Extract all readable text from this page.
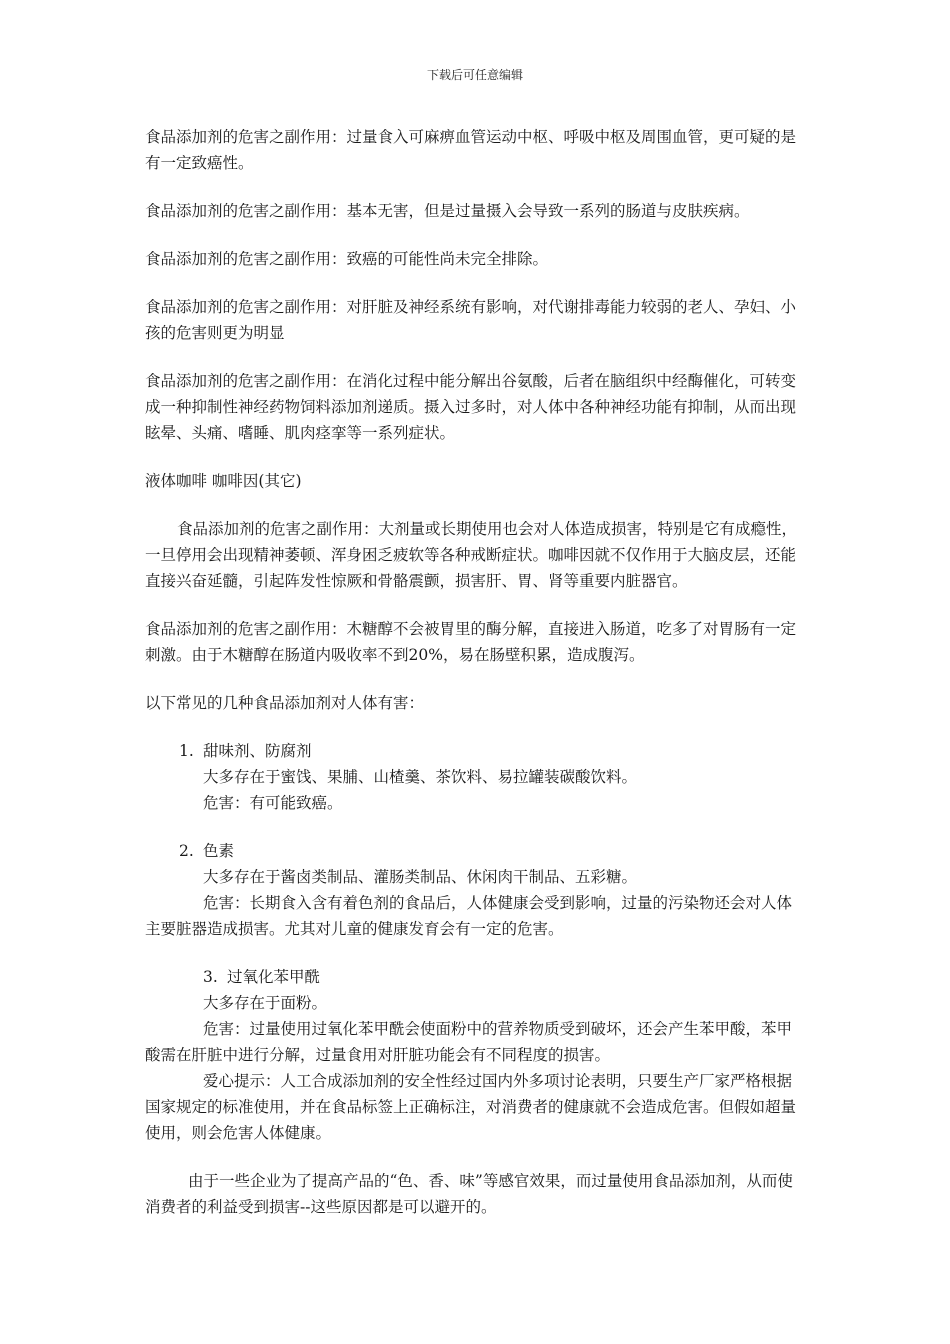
下载后可任意编辑

食品添加剂的危害之副作用：过量食入可麻痹血管运动中枢、呼吸中枢及周围血管，更可疑的是有一定致癌性。

食品添加剂的危害之副作用：基本无害，但是过量摄入会导致一系列的肠道与皮肤疾病。

食品添加剂的危害之副作用：致癌的可能性尚未完全排除。

食品添加剂的危害之副作用：对肝脏及神经系统有影响，对代谢排毒能力较弱的老人、孕妇、小孩的危害则更为明显

食品添加剂的危害之副作用：在消化过程中能分解出谷氨酸，后者在脑组织中经酶催化，可转变成一种抑制性神经药物饲料添加剂递质。摄入过多时，对人体中各种神经功能有抑制，从而出现眩晕、头痛、嗜睡、肌肉痉挛等一系列症状。

液体咖啡 咖啡因(其它)

食品添加剂的危害之副作用：大剂量或长期使用也会对人体造成损害，特别是它有成瘾性，一旦停用会出现精神萎顿、浑身困乏疲软等各种戒断症状。咖啡因就不仅作用于大脑皮层，还能直接兴奋延髓，引起阵发性惊厥和骨骼震颤，损害肝、胃、肾等重要内脏器官。

食品添加剂的危害之副作用：木糖醇不会被胃里的酶分解，直接进入肠道，吃多了对胃肠有一定刺激。由于木糖醇在肠道内吸收率不到20%，易在肠壁积累，造成腹泻。

以下常见的几种食品添加剂对人体有害：

1. 甜味剂、防腐剂

大多存在于蜜饯、果脯、山楂羹、茶饮料、易拉罐装碳酸饮料。

危害：有可能致癌。

2. 色素

大多存在于酱卤类制品、灌肠类制品、休闲肉干制品、五彩糖。

危害：长期食入含有着色剂的食品后，人体健康会受到影响，过量的污染物还会对人体主要脏器造成损害。尤其对儿童的健康发育会有一定的危害。

3. 过氧化苯甲酰

大多存在于面粉。

危害：过量使用过氧化苯甲酰会使面粉中的营养物质受到破坏，还会产生苯甲酸，苯甲酸需在肝脏中进行分解，过量食用对肝脏功能会有不同程度的损害。

爱心提示：人工合成添加剂的安全性经过国内外多项讨论表明，只要生产厂家严格根据国家规定的标准使用，并在食品标签上正确标注，对消费者的健康就不会造成危害。但假如超量使用，则会危害人体健康。

由于一些企业为了提高产品的“色、香、味”等感官效果，而过量使用食品添加剂，从而使消费者的利益受到损害--这些原因都是可以避开的。
